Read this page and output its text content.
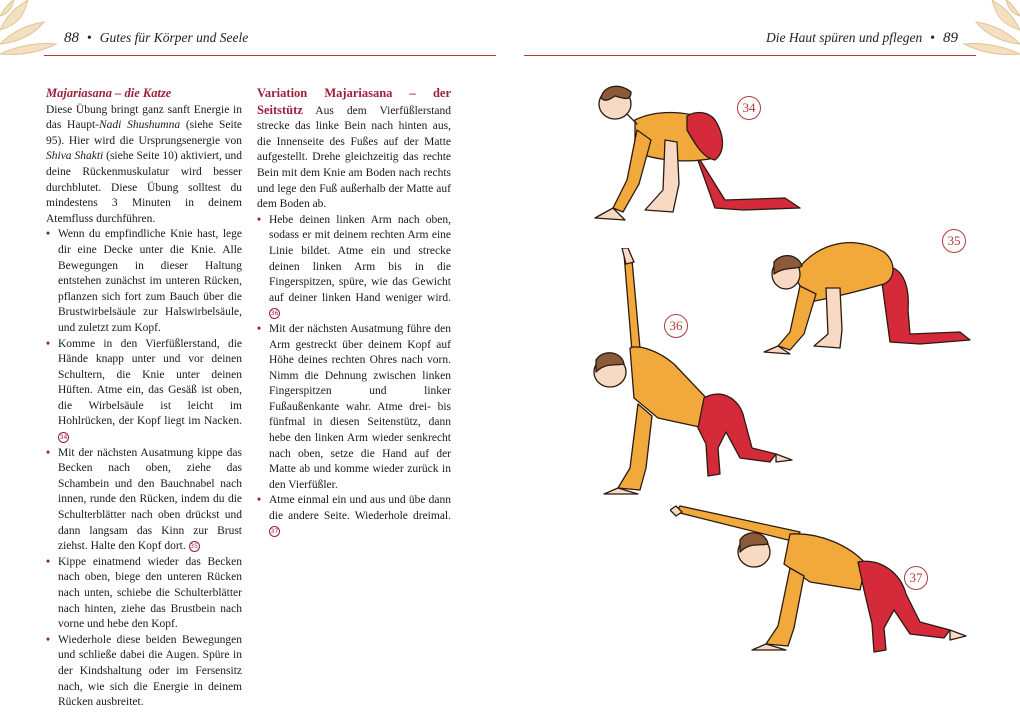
88 • Gutes für Körper und Seele	Die Haut spüren und pflegen • 89
Majariasana – die Katze
Diese Übung bringt ganz sanft Energie in das Haupt-Nadi Shushumna (siehe Seite 95). Hier wird die Ursprungsenergie von Shiva Shakti (siehe Seite 10) aktiviert, und deine Rückenmuskulatur wird besser durchblutet. Diese Übung solltest du mindestens 3 Minuten in deinem Atemfluss durchführen.
• Wenn du empfindliche Knie hast, lege dir eine Decke unter die Knie. Alle Bewegungen in dieser Haltung entstehen zunächst im unteren Rücken, pflanzen sich fort zum Bauch über die Brustwirbelsäule zur Halswirbelsäule, und zuletzt zum Kopf.
• Komme in den Vierfüßlerstand, die Hände knapp unter und vor deinen Schultern, die Knie unter deinen Hüften. Atme ein, das Gesäß ist oben, die Wirbelsäule ist leicht im Hohlrücken, der Kopf liegt im Nacken. 34
• Mit der nächsten Ausatmung kippe das Becken nach oben, ziehe das Schambein und den Bauchnabel nach innen, runde den Rücken, indem du die Schulterblätter nach oben drückst und dann langsam das Kinn zur Brust ziehst. Halte den Kopf dort. 35
• Kippe einatmend wieder das Becken nach oben, biege den unteren Rücken nach unten, schiebe die Schulterblätter nach hinten, ziehe das Brustbein nach vorne und hebe den Kopf.
• Wiederhole diese beiden Bewegungen und schließe dabei die Augen. Spüre in der Kindshaltung oder im Fersensitz nach, wie sich die Energie in deinem Rücken ausbreitet.
Variation Majariasana – der Seitstütz Aus dem Vierfüßlerstand strecke das linke Bein nach hinten aus, die Innenseite des Fußes auf der Matte aufgestellt. Drehe gleichzeitig das rechte Bein mit dem Knie am Boden nach rechts und lege den Fuß außerhalb der Matte auf dem Boden ab.
• Hebe deinen linken Arm nach oben, sodass er mit deinem rechten Arm eine Linie bildet. Atme ein und strecke deinen linken Arm bis in die Fingerspitzen, spüre, wie das Gewicht auf deiner linken Hand weniger wird. 36
• Mit der nächsten Ausatmung führe den Arm gestreckt über deinem Kopf auf Höhe deines rechten Ohres nach vorn. Nimm die Dehnung zwischen linken Fingerspitzen und linker Fußaußenkante wahr. Atme drei- bis fünfmal in diesen Seitenstütz, dann hebe den linken Arm wieder senkrecht nach oben, setze die Hand auf der Matte ab und komme wieder zurück in den Vierfüßler.
• Atme einmal ein und aus und übe dann die andere Seite. Wiederhole dreimal. 37
34
35
36
37
